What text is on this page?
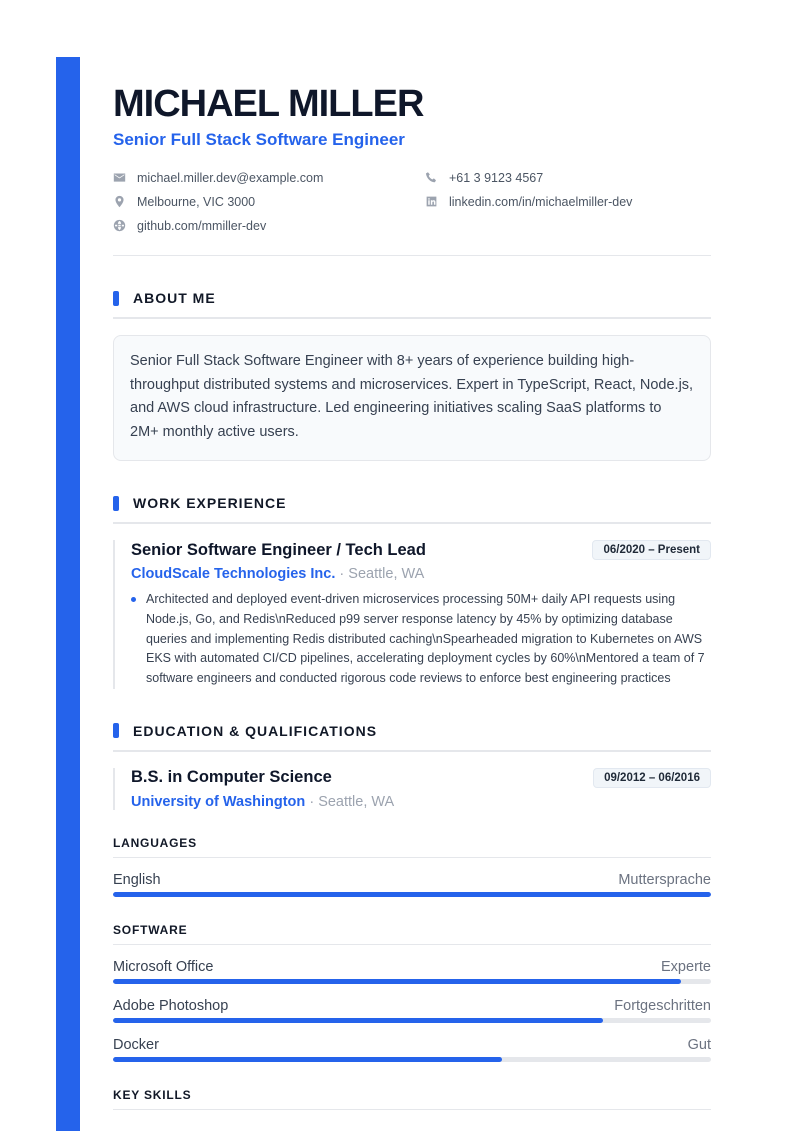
MICHAEL MILLER
Senior Full Stack Software Engineer
michael.miller.dev@example.com	+61 3 9123 4567
Melbourne, VIC 3000	linkedin.com/in/michaelmiller-dev
github.com/mmiller-dev
ABOUT ME
Senior Full Stack Software Engineer with 8+ years of experience building high-throughput distributed systems and microservices. Expert in TypeScript, React, Node.js, and AWS cloud infrastructure. Led engineering initiatives scaling SaaS platforms to 2M+ monthly active users.
WORK EXPERIENCE
Senior Software Engineer / Tech Lead	06/2020 – Present
CloudScale Technologies Inc. · Seattle, WA
Architected and deployed event-driven microservices processing 50M+ daily API requests using Node.js, Go, and Redis\nReduced p99 server response latency by 45% by optimizing database queries and implementing Redis distributed caching\nSpearheaded migration to Kubernetes on AWS EKS with automated CI/CD pipelines, accelerating deployment cycles by 60%\nMentored a team of 7 software engineers and conducted rigorous code reviews to enforce best engineering practices
EDUCATION & QUALIFICATIONS
B.S. in Computer Science	09/2012 – 06/2016
University of Washington · Seattle, WA
LANGUAGES
English	Muttersprache
SOFTWARE
Microsoft Office	Experte
Adobe Photoshop	Fortgeschritten
Docker	Gut
KEY SKILLS
